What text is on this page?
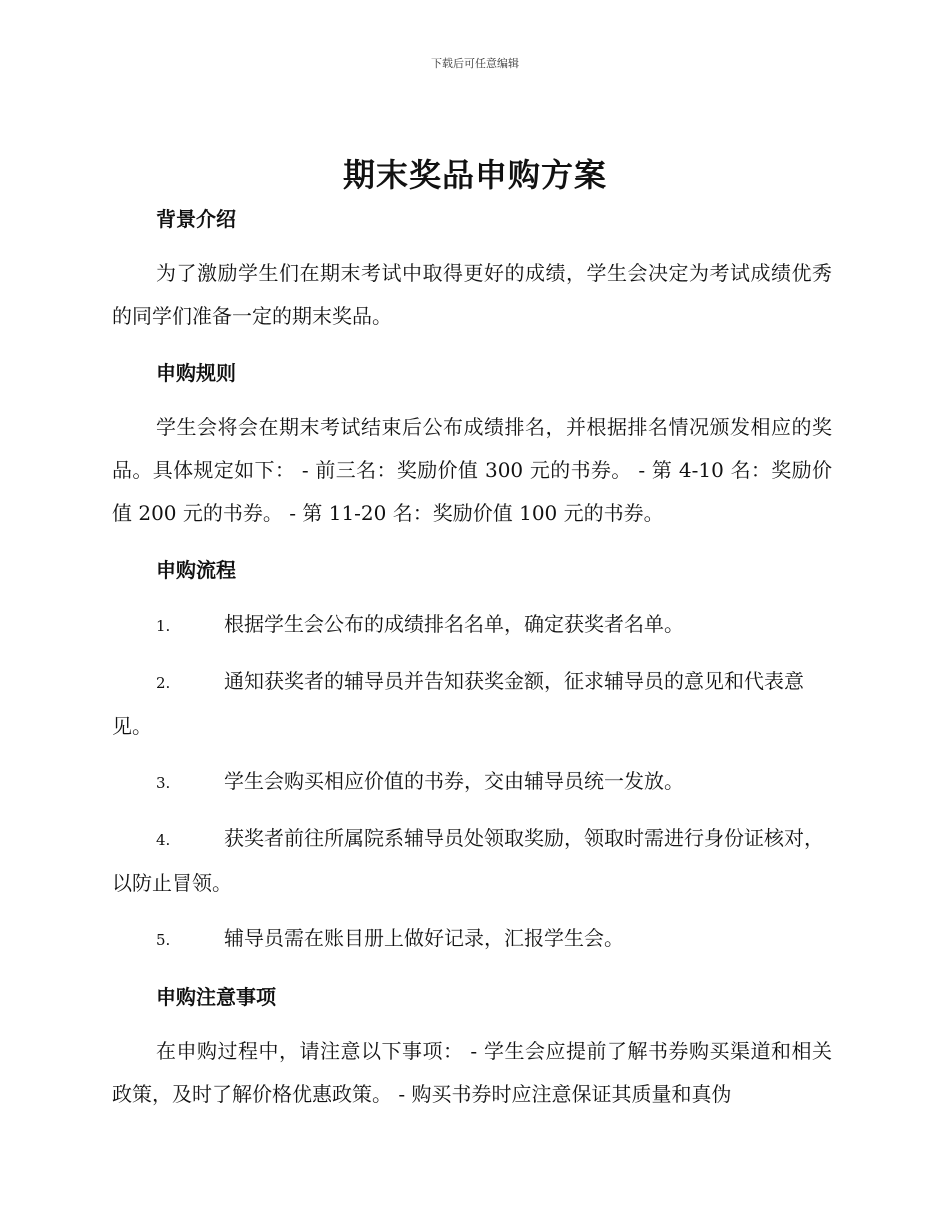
下载后可任意编辑
期末奖品申购方案
背景介绍

为了激励学生们在期末考试中取得更好的成绩，学生会决定为考试成绩优秀的同学们准备一定的期末奖品。

申购规则

学生会将会在期末考试结束后公布成绩排名，并根据排名情况颁发相应的奖品。具体规定如下： - 前三名：奖励价值 300 元的书券。 - 第 4-10 名：奖励价值 200 元的书券。 - 第 11-20 名：奖励价值 100 元的书券。

申购流程

1.	根据学生会公布的成绩排名名单，确定获奖者名单。

2.	通知获奖者的辅导员并告知获奖金额，征求辅导员的意见和代表意见。

3.	学生会购买相应价值的书券，交由辅导员统一发放。

4.	获奖者前往所属院系辅导员处领取奖励，领取时需进行身份证核对，以防止冒领。

5.	辅导员需在账目册上做好记录，汇报学生会。

申购注意事项

在申购过程中，请注意以下事项： - 学生会应提前了解书券购买渠道和相关政策，及时了解价格优惠政策。 - 购买书券时应注意保证其质量和真伪
